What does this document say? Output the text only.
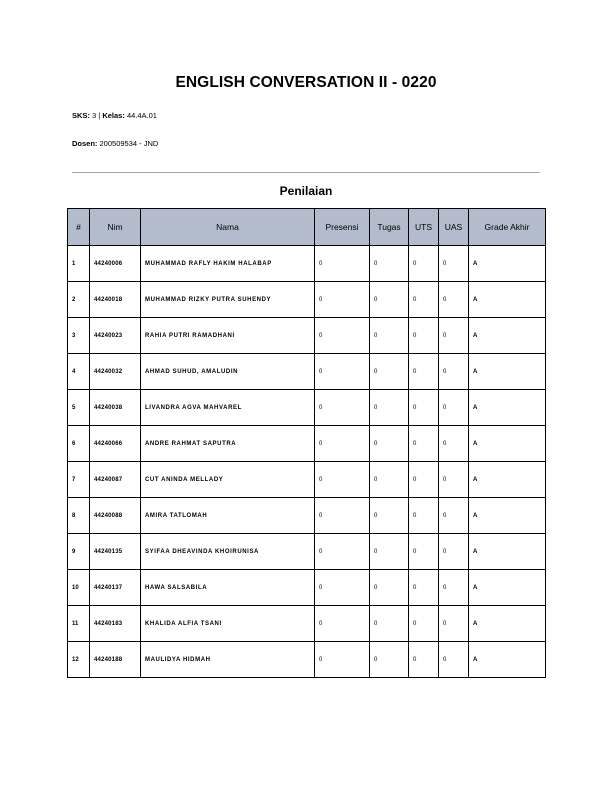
ENGLISH CONVERSATION II - 0220
SKS: 3 | Kelas: 44.4A.01
Dosen: 200509534 - JND
Penilaian
#	Nim	Nama	Presensi	Tugas	UTS	UAS	Grade Akhir
1	44240006	MUHAMMAD RAFLY HAKIM HALABAP	0	0	0	0	A
2	44240018	MUHAMMAD RIZKY PUTRA SUHENDY	0	0	0	0	A
3	44240023	RAHIA PUTRI RAMADHANI	0	0	0	0	A
4	44240032	AHMAD SUHUD, AMALUDIN	0	0	0	0	A
5	44240038	LIVANDRA AGVA MAHVAREL	0	0	0	0	A
6	44240066	ANDRE RAHMAT SAPUTRA	0	0	0	0	A
7	44240087	CUT ANINDA MELLADY	0	0	0	0	A
8	44240088	AMIRA TATLOMAH	0	0	0	0	A
9	44240135	SYIFAA DHEAVINDA KHOIRUNISA	0	0	0	0	A
10	44240137	HAWA SALSABILA	0	0	0	0	A
11	44240183	KHALIDA ALFIA TSANI	0	0	0	0	A
12	44240188	MAULIDYA HIDMAH	0	0	0	0	A
